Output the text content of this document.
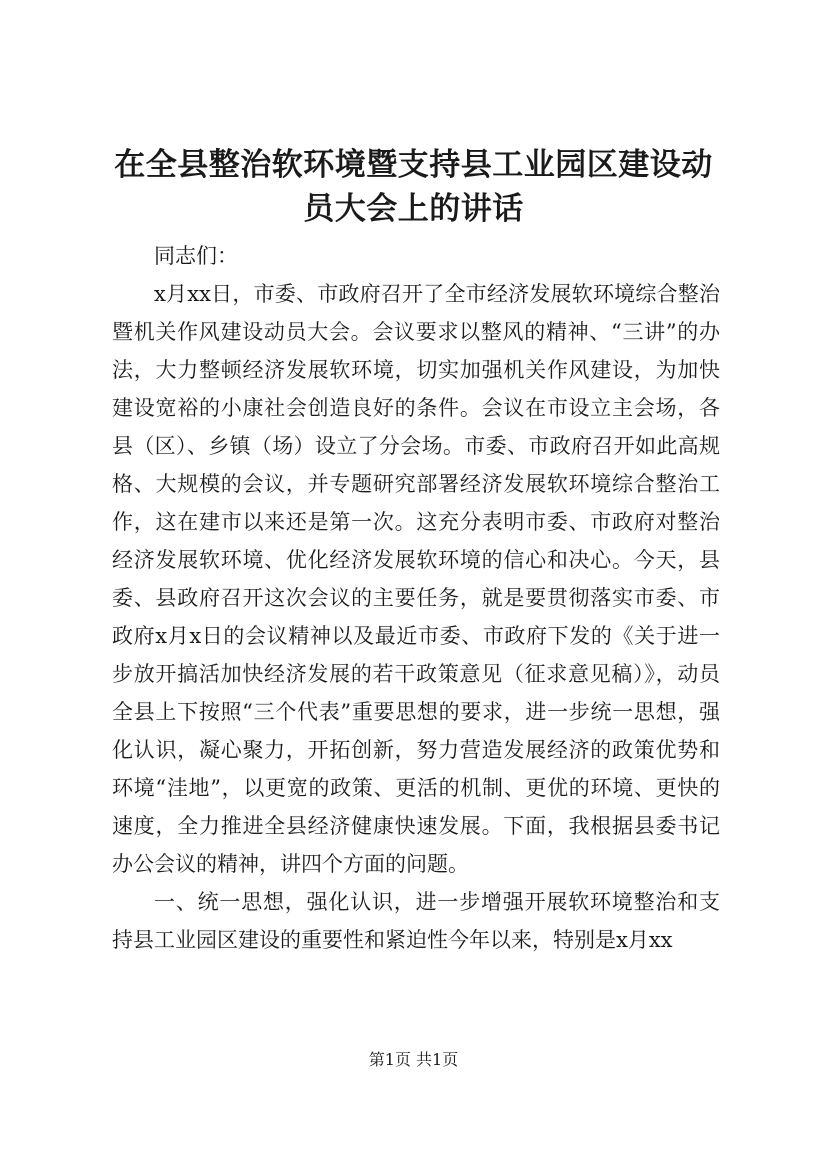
在全县整治软环境暨支持县工业园区建设动员大会上的讲话

同志们：

x月xx日，市委、市政府召开了全市经济发展软环境综合整治暨机关作风建设动员大会。会议要求以整风的精神、“三讲”的办法，大力整顿经济发展软环境，切实加强机关作风建设，为加快建设宽裕的小康社会创造良好的条件。会议在市设立主会场，各县（区）、乡镇（场）设立了分会场。市委、市政府召开如此高规格、大规模的会议，并专题研究部署经济发展软环境综合整治工作，这在建市以来还是第一次。这充分表明市委、市政府对整治经济发展软环境、优化经济发展软环境的信心和决心。今天，县委、县政府召开这次会议的主要任务，就是要贯彻落实市委、市政府x月x日的会议精神以及最近市委、市政府下发的《关于进一步放开搞活加快经济发展的若干政策意见（征求意见稿）》，动员全县上下按照“三个代表”重要思想的要求，进一步统一思想，强化认识，凝心聚力，开拓创新，努力营造发展经济的政策优势和环境“洼地”，以更宽的政策、更活的机制、更优的环境、更快的速度，全力推进全县经济健康快速发展。下面，我根据县委书记办公会议的精神，讲四个方面的问题。

一、统一思想，强化认识，进一步增强开展软环境整治和支持县工业园区建设的重要性和紧迫性今年以来，特别是x月xx

第1页 共1页
